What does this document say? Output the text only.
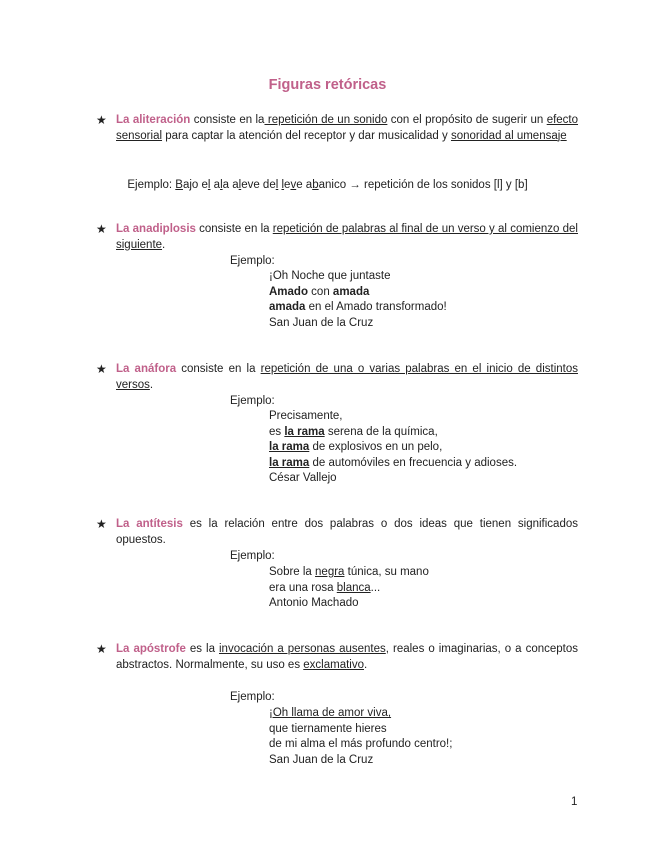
Figuras retóricas
★ La aliteración consiste en la repetición de un sonido con el propósito de sugerir un efecto sensorial para captar la atención del receptor y dar musicalidad y sonoridad al umensaje
Ejemplo: Bajo el ala aleve del leve abanico → repetición de los sonidos [l] y [b]
★ La anadiplosis consiste en la repetición de palabras al final de un verso y al comienzo del siguiente.
Ejemplo:
¡Oh Noche que juntaste
Amado con amada
amada en el Amado transformado!
San Juan de la Cruz
★ La anáfora consiste en la repetición de una o varias palabras en el inicio de distintos versos.
Ejemplo:
Precisamente,
es la rama serena de la química,
la rama de explosivos en un pelo,
la rama de automóviles en frecuencia y adioses.
César Vallejo
★ La antítesis es la relación entre dos palabras o dos ideas que tienen significados opuestos.
Ejemplo:
Sobre la negra túnica, su mano
era una rosa blanca...
Antonio Machado
★ La apóstrofe es la invocación a personas ausentes, reales o imaginarias, o a conceptos abstractos. Normalmente, su uso es exclamativo.
Ejemplo:
¡Oh llama de amor viva,
que tiernamente hieres
de mi alma el más profundo centro!;
San Juan de la Cruz
1
